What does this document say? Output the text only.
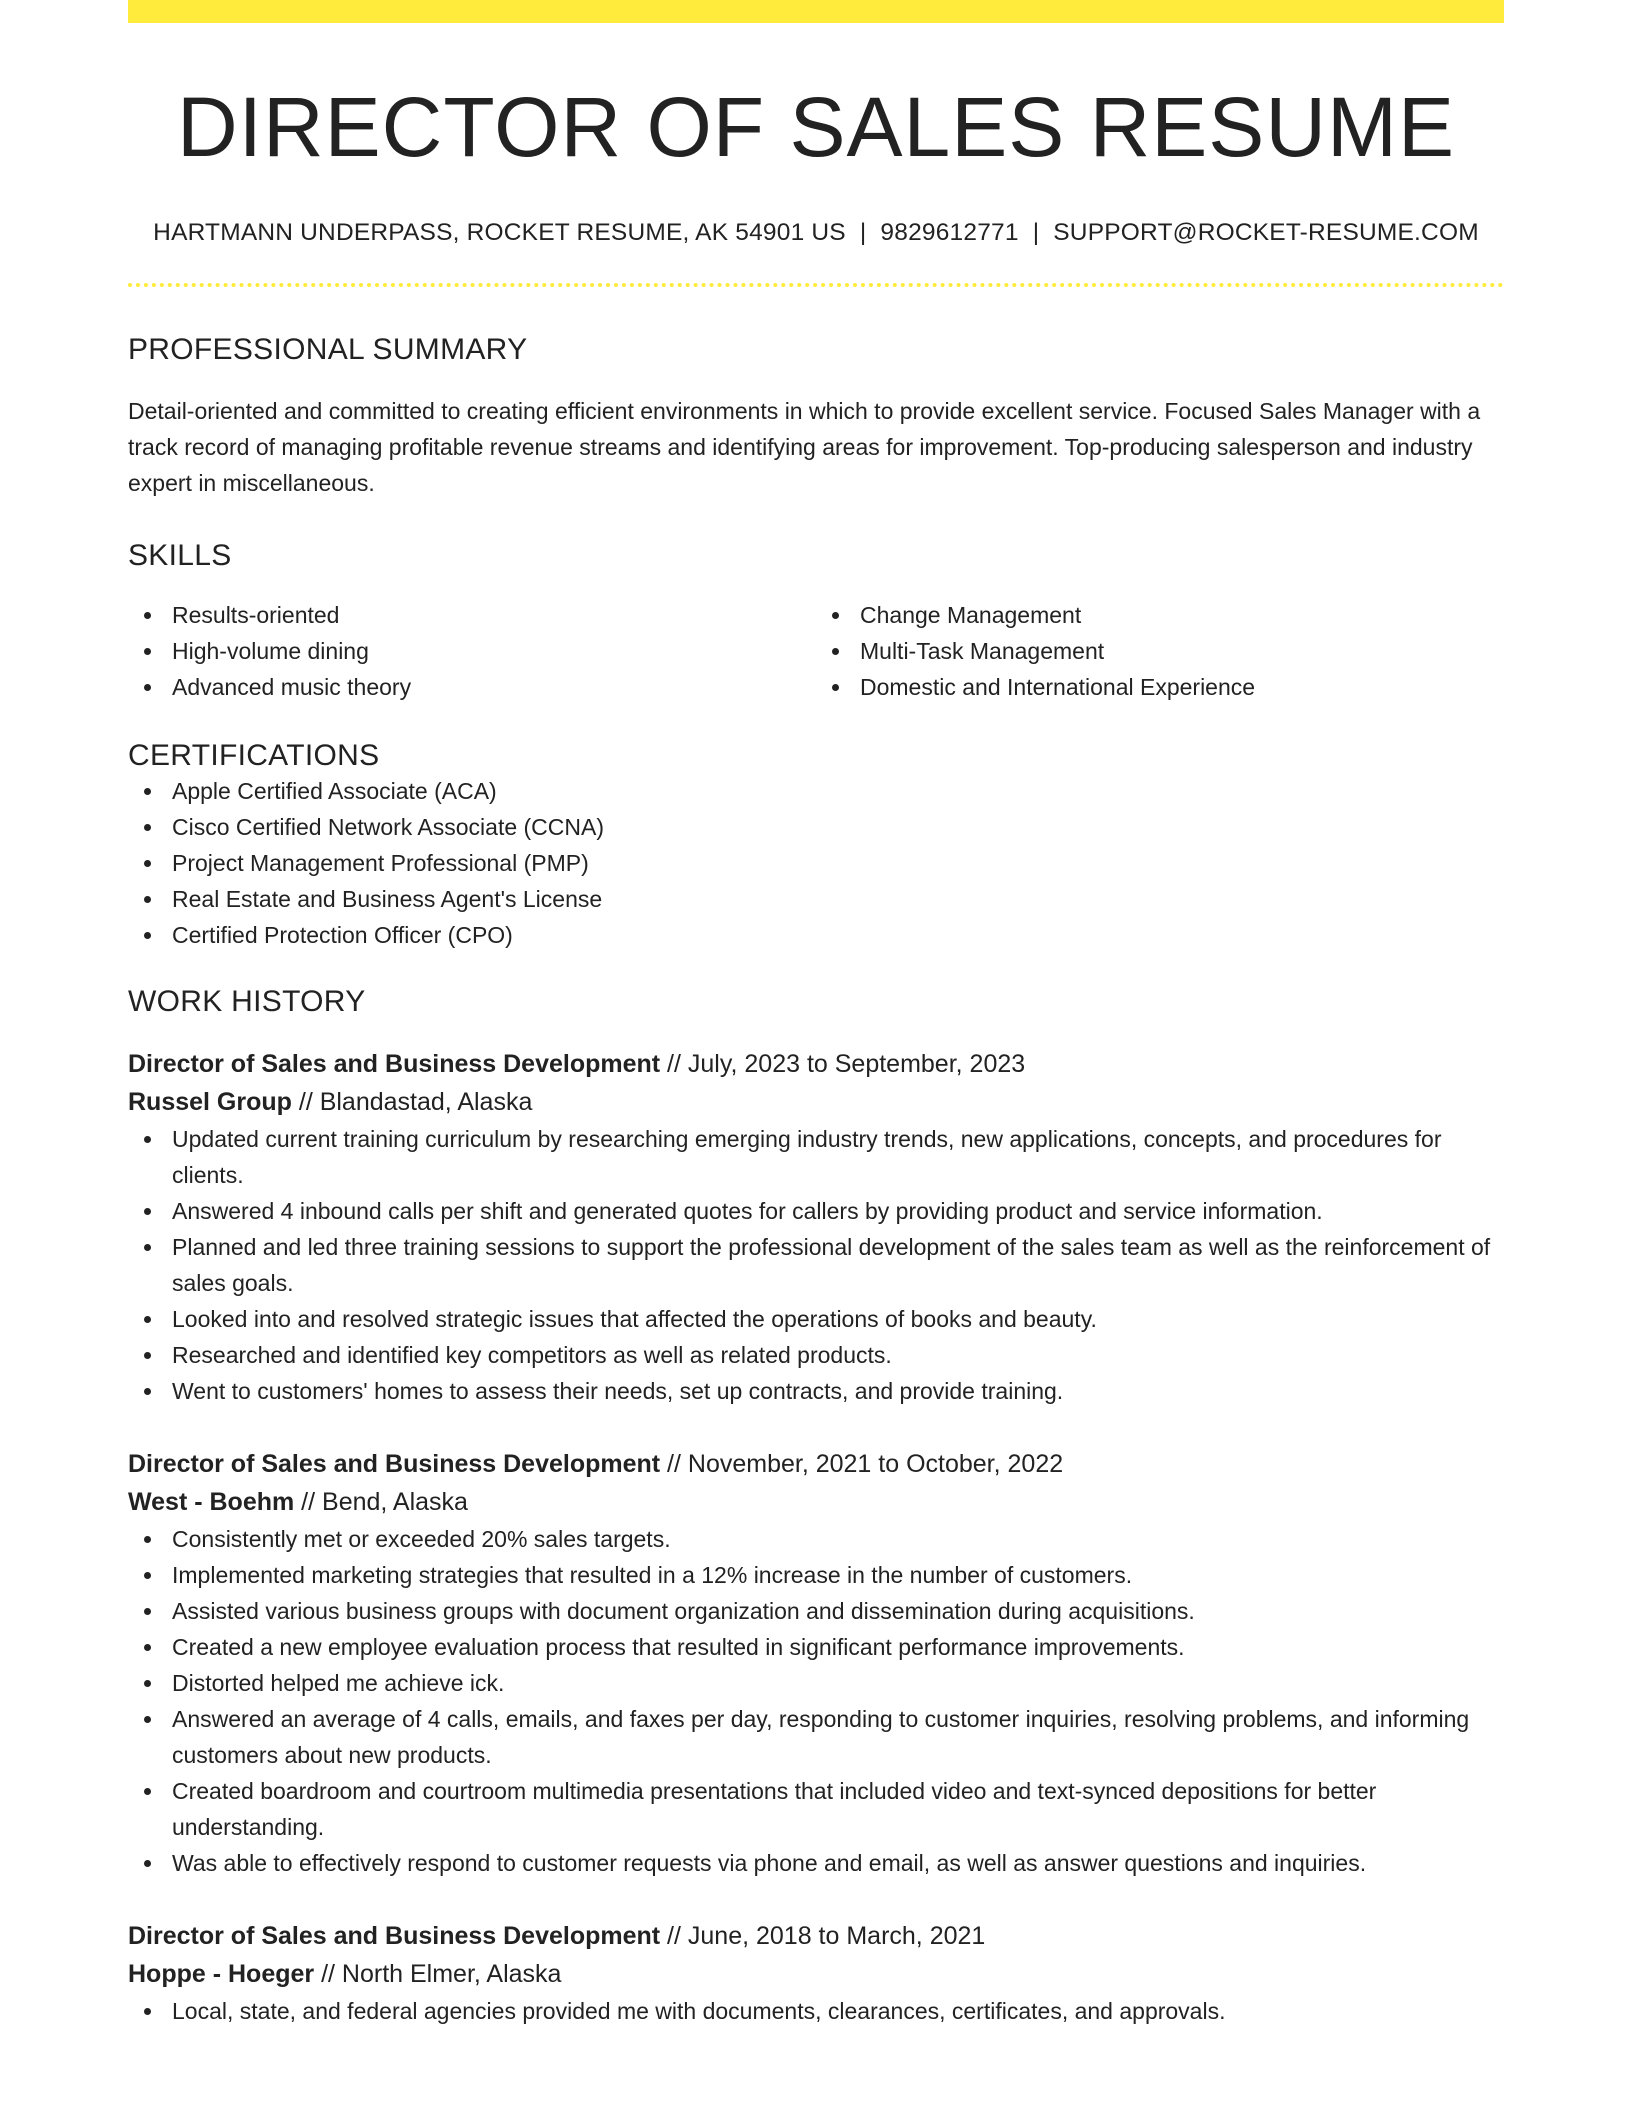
DIRECTOR OF SALES RESUME
HARTMANN UNDERPASS, ROCKET RESUME, AK 54901 US | 9829612771 | SUPPORT@ROCKET-RESUME.COM
PROFESSIONAL SUMMARY

Detail-oriented and committed to creating efficient environments in which to provide excellent service. Focused Sales Manager with a track record of managing profitable revenue streams and identifying areas for improvement. Top-producing salesperson and industry expert in miscellaneous.

SKILLS
Results-oriented
High-volume dining
Advanced music theory
Change Management
Multi-Task Management
Domestic and International Experience
CERTIFICATIONS
Apple Certified Associate (ACA)
Cisco Certified Network Associate (CCNA)
Project Management Professional (PMP)
Real Estate and Business Agent's License
Certified Protection Officer (CPO)
WORK HISTORY
Director of Sales and Business Development // July, 2023 to September, 2023
Russel Group // Blandastad, Alaska
Updated current training curriculum by researching emerging industry trends, new applications, concepts, and procedures for clients.
Answered 4 inbound calls per shift and generated quotes for callers by providing product and service information.
Planned and led three training sessions to support the professional development of the sales team as well as the reinforcement of sales goals.
Looked into and resolved strategic issues that affected the operations of books and beauty.
Researched and identified key competitors as well as related products.
Went to customers' homes to assess their needs, set up contracts, and provide training.
Director of Sales and Business Development // November, 2021 to October, 2022
West - Boehm // Bend, Alaska
Consistently met or exceeded 20% sales targets.
Implemented marketing strategies that resulted in a 12% increase in the number of customers.
Assisted various business groups with document organization and dissemination during acquisitions.
Created a new employee evaluation process that resulted in significant performance improvements.
Distorted helped me achieve ick.
Answered an average of 4 calls, emails, and faxes per day, responding to customer inquiries, resolving problems, and informing customers about new products.
Created boardroom and courtroom multimedia presentations that included video and text-synced depositions for better understanding.
Was able to effectively respond to customer requests via phone and email, as well as answer questions and inquiries.
Director of Sales and Business Development // June, 2018 to March, 2021
Hoppe - Hoeger // North Elmer, Alaska
Local, state, and federal agencies provided me with documents, clearances, certificates, and approvals.
